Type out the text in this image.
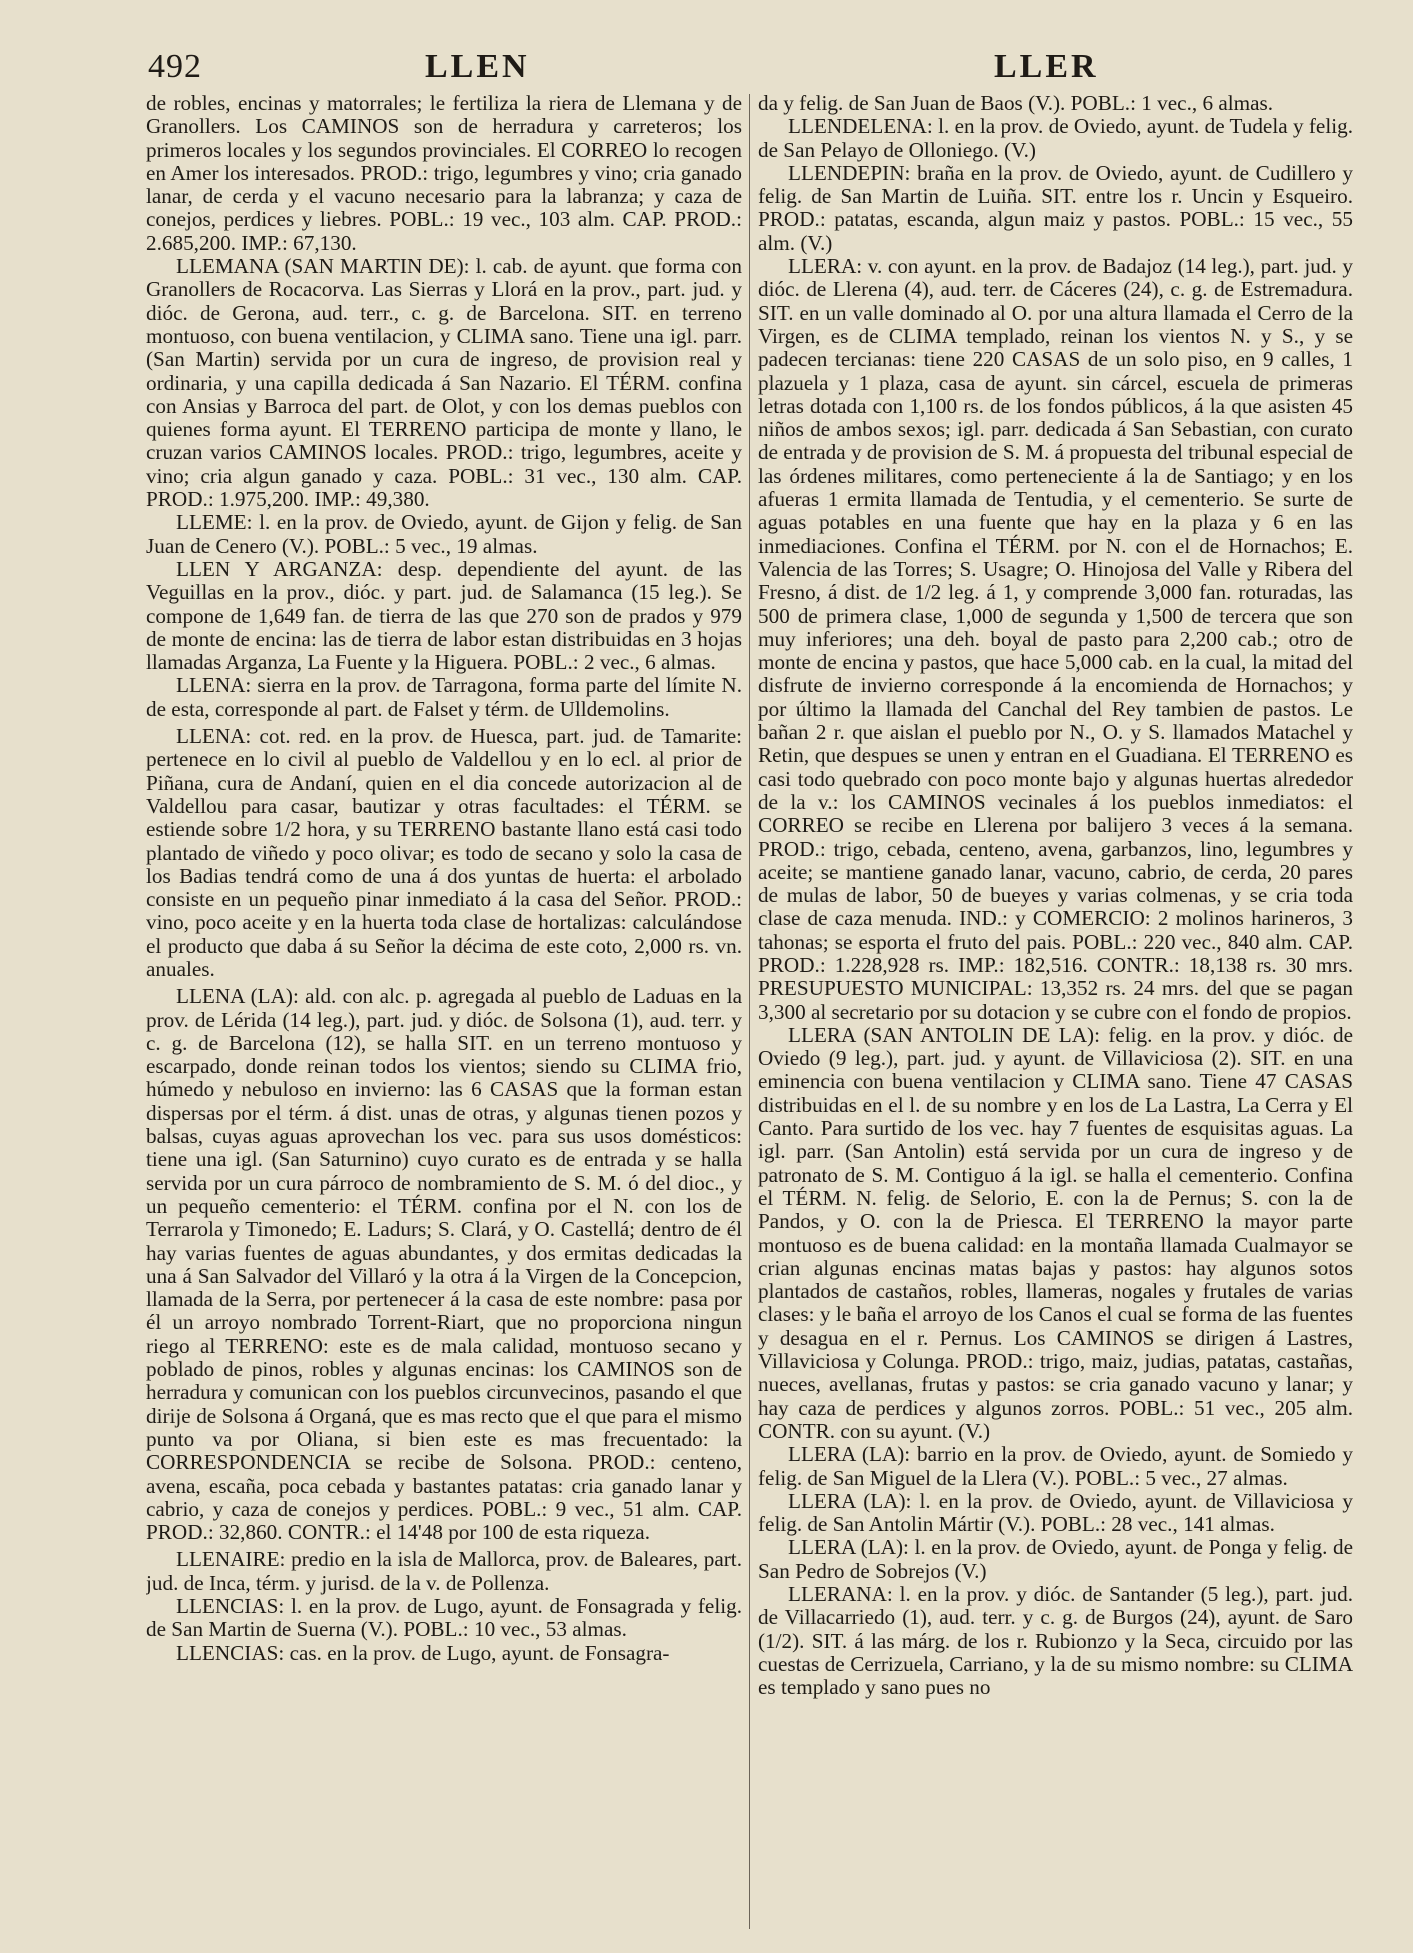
492	LLEN	LLER

de robles, encinas y matorrales; le fertiliza la riera de Llemana y de Granollers. Los CAMINOS son de herradura y carreteros; los primeros locales y los segundos provinciales. El CORREO lo recogen en Amer los interesados. PROD.: trigo, legumbres y vino; cria ganado lanar, de cerda y el vacuno necesario para la labranza; y caza de conejos, perdices y liebres. POBL.: 19 vec., 103 alm. CAP. PROD.: 2.685,200. IMP.: 67,130.

LLEMANA (SAN MARTIN DE): l. cab. de ayunt. que forma con Granollers de Rocacorva. Las Sierras y Llorá en la prov., part. jud. y dióc. de Gerona, aud. terr., c. g. de Barcelona. SIT. en terreno montuoso, con buena ventilacion, y CLIMA sano. Tiene una igl. parr. (San Martin) servida por un cura de ingreso, de provision real y ordinaria, y una capilla dedicada á San Nazario. El TÉRM. confina con Ansias y Barroca del part. de Olot, y con los demas pueblos con quienes forma ayunt. El TERRENO participa de monte y llano, le cruzan varios CAMINOS locales. PROD.: trigo, legumbres, aceite y vino; cria algun ganado y caza. POBL.: 31 vec., 130 alm. CAP. PROD.: 1.975,200. IMP.: 49,380.

LLEME: l. en la prov. de Oviedo, ayunt. de Gijon y felig. de San Juan de Cenero (V.). POBL.: 5 vec., 19 almas.

LLEN Y ARGANZA: desp. dependiente del ayunt. de las Veguillas en la prov., dióc. y part. jud. de Salamanca (15 leg.). Se compone de 1,649 fan. de tierra de las que 270 son de prados y 979 de monte de encina: las de tierra de labor estan distribuidas en 3 hojas llamadas Arganza, La Fuente y la Higuera. POBL.: 2 vec., 6 almas.

LLENA: sierra en la prov. de Tarragona, forma parte del límite N. de esta, corresponde al part. de Falset y térm. de Ulldemolins.

LLENA: cot. red. en la prov. de Huesca, part. jud. de Tamarite: pertenece en lo civil al pueblo de Valdellou y en lo ecl. al prior de Piñana, cura de Andaní, quien en el dia concede autorizacion al de Valdellou para casar, bautizar y otras facultades: el TÉRM. se estiende sobre 1/2 hora, y su TERRENO bastante llano está casi todo plantado de viñedo y poco olivar; es todo de secano y solo la casa de los Badias tendrá como de una á dos yuntas de huerta: el arbolado consiste en un pequeño pinar inmediato á la casa del Señor. PROD.: vino, poco aceite y en la huerta toda clase de hortalizas: calculándose el producto que daba á su Señor la décima de este coto, 2,000 rs. vn. anuales.

LLENA (LA): ald. con alc. p. agregada al pueblo de Laduas en la prov. de Lérida (14 leg.), part. jud. y dióc. de Solsona (1), aud. terr. y c. g. de Barcelona (12), se halla SIT. en un terreno montuoso y escarpado, donde reinan todos los vientos; siendo su CLIMA frio, húmedo y nebuloso en invierno: las 6 CASAS que la forman estan dispersas por el térm. á dist. unas de otras, y algunas tienen pozos y balsas, cuyas aguas aprovechan los vec. para sus usos domésticos: tiene una igl. (San Saturnino) cuyo curato es de entrada y se halla servida por un cura párroco de nombramiento de S. M. ó del dioc., y un pequeño cementerio: el TÉRM. confina por el N. con los de Terrarola y Timonedo; E. Ladurs; S. Clará, y O. Castellá; dentro de él hay varias fuentes de aguas abundantes, y dos ermitas dedicadas la una á San Salvador del Villaró y la otra á la Virgen de la Concepcion, llamada de la Serra, por pertenecer á la casa de este nombre: pasa por él un arroyo nombrado Torrent-Riart, que no proporciona ningun riego al TERRENO: este es de mala calidad, montuoso secano y poblado de pinos, robles y algunas encinas: los CAMINOS son de herradura y comunican con los pueblos circunvecinos, pasando el que dirije de Solsona á Organá, que es mas recto que el que para el mismo punto va por Oliana, si bien este es mas frecuentado: la CORRESPONDENCIA se recibe de Solsona. PROD.: centeno, avena, escaña, poca cebada y bastantes patatas: cria ganado lanar y cabrio, y caza de conejos y perdices. POBL.: 9 vec., 51 alm. CAP. PROD.: 32,860. CONTR.: el 14'48 por 100 de esta riqueza.

LLENAIRE: predio en la isla de Mallorca, prov. de Baleares, part. jud. de Inca, térm. y jurisd. de la v. de Pollenza.

LLENCIAS: l. en la prov. de Lugo, ayunt. de Fonsagrada y felig. de San Martin de Suerna (V.). POBL.: 10 vec., 53 almas.

LLENCIAS: cas. en la prov. de Lugo, ayunt. de Fonsagra-

da y felig. de San Juan de Baos (V.). POBL.: 1 vec., 6 almas.

LLENDELENA: l. en la prov. de Oviedo, ayunt. de Tudela y felig. de San Pelayo de Olloniego. (V.)

LLENDEPIN: braña en la prov. de Oviedo, ayunt. de Cudillero y felig. de San Martin de Luiña. SIT. entre los r. Uncin y Esqueiro. PROD.: patatas, escanda, algun maiz y pastos. POBL.: 15 vec., 55 alm. (V.)

LLERA: v. con ayunt. en la prov. de Badajoz (14 leg.), part. jud. y dióc. de Llerena (4), aud. terr. de Cáceres (24), c. g. de Estremadura. SIT. en un valle dominado al O. por una altura llamada el Cerro de la Virgen, es de CLIMA templado, reinan los vientos N. y S., y se padecen tercianas: tiene 220 CASAS de un solo piso, en 9 calles, 1 plazuela y 1 plaza, casa de ayunt. sin cárcel, escuela de primeras letras dotada con 1,100 rs. de los fondos públicos, á la que asisten 45 niños de ambos sexos; igl. parr. dedicada á San Sebastian, con curato de entrada y de provision de S. M. á propuesta del tribunal especial de las órdenes militares, como perteneciente á la de Santiago; y en los afueras 1 ermita llamada de Tentudia, y el cementerio. Se surte de aguas potables en una fuente que hay en la plaza y 6 en las inmediaciones. Confina el TÉRM. por N. con el de Hornachos; E. Valencia de las Torres; S. Usagre; O. Hinojosa del Valle y Ribera del Fresno, á dist. de 1/2 leg. á 1, y comprende 3,000 fan. roturadas, las 500 de primera clase, 1,000 de segunda y 1,500 de tercera que son muy inferiores; una deh. boyal de pasto para 2,200 cab.; otro de monte de encina y pastos, que hace 5,000 cab. en la cual, la mitad del disfrute de invierno corresponde á la encomienda de Hornachos; y por último la llamada del Canchal del Rey tambien de pastos. Le bañan 2 r. que aislan el pueblo por N., O. y S. llamados Matachel y Retin, que despues se unen y entran en el Guadiana. El TERRENO es casi todo quebrado con poco monte bajo y algunas huertas alrededor de la v.: los CAMINOS vecinales á los pueblos inmediatos: el CORREO se recibe en Llerena por balijero 3 veces á la semana. PROD.: trigo, cebada, centeno, avena, garbanzos, lino, legumbres y aceite; se mantiene ganado lanar, vacuno, cabrio, de cerda, 20 pares de mulas de labor, 50 de bueyes y varias colmenas, y se cria toda clase de caza menuda. IND.: y COMERCIO: 2 molinos harineros, 3 tahonas; se esporta el fruto del pais. POBL.: 220 vec., 840 alm. CAP. PROD.: 1.228,928 rs. IMP.: 182,516. CONTR.: 18,138 rs. 30 mrs. PRESUPUESTO MUNICIPAL: 13,352 rs. 24 mrs. del que se pagan 3,300 al secretario por su dotacion y se cubre con el fondo de propios.

LLERA (SAN ANTOLIN DE LA): felig. en la prov. y dióc. de Oviedo (9 leg.), part. jud. y ayunt. de Villaviciosa (2). SIT. en una eminencia con buena ventilacion y CLIMA sano. Tiene 47 CASAS distribuidas en el l. de su nombre y en los de La Lastra, La Cerra y El Canto. Para surtido de los vec. hay 7 fuentes de esquisitas aguas. La igl. parr. (San Antolin) está servida por un cura de ingreso y de patronato de S. M. Contiguo á la igl. se halla el cementerio. Confina el TÉRM. N. felig. de Selorio, E. con la de Pernus; S. con la de Pandos, y O. con la de Priesca. El TERRENO la mayor parte montuoso es de buena calidad: en la montaña llamada Cualmayor se crian algunas encinas matas bajas y pastos: hay algunos sotos plantados de castaños, robles, llameras, nogales y frutales de varias clases: y le baña el arroyo de los Canos el cual se forma de las fuentes y desagua en el r. Pernus. Los CAMINOS se dirigen á Lastres, Villaviciosa y Colunga. PROD.: trigo, maiz, judias, patatas, castañas, nueces, avellanas, frutas y pastos: se cria ganado vacuno y lanar; y hay caza de perdices y algunos zorros. POBL.: 51 vec., 205 alm. CONTR. con su ayunt. (V.)

LLERA (LA): barrio en la prov. de Oviedo, ayunt. de Somiedo y felig. de San Miguel de la Llera (V.). POBL.: 5 vec., 27 almas.

LLERA (LA): l. en la prov. de Oviedo, ayunt. de Villaviciosa y felig. de San Antolin Mártir (V.). POBL.: 28 vec., 141 almas.

LLERA (LA): l. en la prov. de Oviedo, ayunt. de Ponga y felig. de San Pedro de Sobrejos (V.)

LLERANA: l. en la prov. y dióc. de Santander (5 leg.), part. jud. de Villacarriedo (1), aud. terr. y c. g. de Burgos (24), ayunt. de Saro (1/2). SIT. á las márg. de los r. Rubionzo y la Seca, circuido por las cuestas de Cerrizuela, Carriano, y la de su mismo nombre: su CLIMA es templado y sano pues no
